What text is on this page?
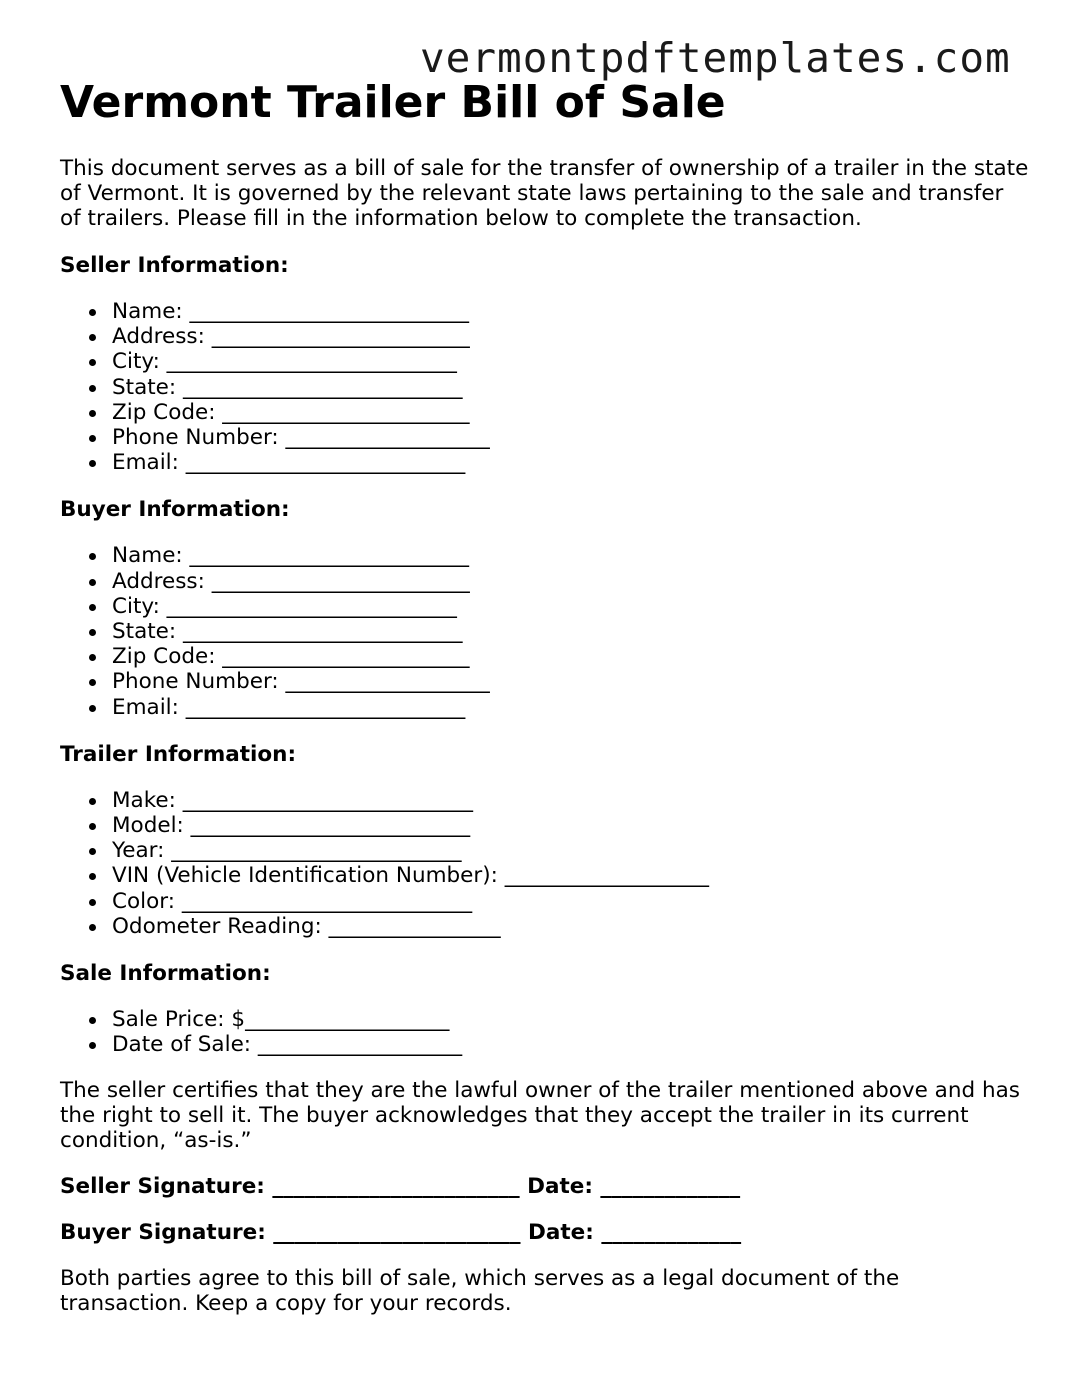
vermontpdftemplates.com
Vermont Trailer Bill of Sale

This document serves as a bill of sale for the transfer of ownership of a trailer in the state of Vermont. It is governed by the relevant state laws pertaining to the sale and transfer of trailers. Please fill in the information below to complete the transaction.

Seller Information:

Name: __________________________
Address: ________________________
City: ___________________________
State: __________________________
Zip Code: _______________________
Phone Number: ___________________
Email: __________________________

Buyer Information:

Name: __________________________
Address: ________________________
City: ___________________________
State: __________________________
Zip Code: _______________________
Phone Number: ___________________
Email: __________________________

Trailer Information:

Make: ___________________________
Model: __________________________
Year: ___________________________
VIN (Vehicle Identification Number): ___________________
Color: ___________________________
Odometer Reading: ________________

Sale Information:

Sale Price: $___________________
Date of Sale: ___________________

The seller certifies that they are the lawful owner of the trailer mentioned above and has the right to sell it. The buyer acknowledges that they accept the trailer in its current condition, “as-is.”

Seller Signature: _______________________ Date: _____________

Buyer Signature: _______________________ Date: _____________

Both parties agree to this bill of sale, which serves as a legal document of the transaction. Keep a copy for your records.
